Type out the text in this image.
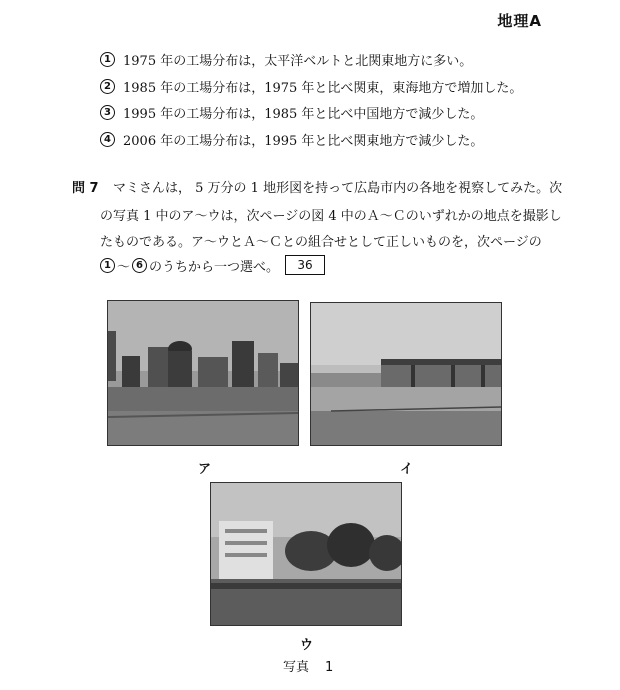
地理A
1 1975 年の工場分布は，太平洋ベルトと北関東地方に多い。
2 1985 年の工場分布は，1975 年と比べ関東，東海地方で増加した。
3 1995 年の工場分布は，1985 年と比べ中国地方で減少した。
4 2006 年の工場分布は，1995 年と比べ関東地方で減少した。
問 7 マミさんは， 5 万分の 1 地形図を持って広島市内の各地を視察してみた。次
の写真 1 中のア～ウは，次ページの図 4 中のＡ～Ｃのいずれかの地点を撮影し
たものである。ア～ウとＡ～Ｃとの組合せとして正しいものを，次ページの
1 ～ 6 のうちから一つ選べ。	36
ア	イ
ウ
写真 1
